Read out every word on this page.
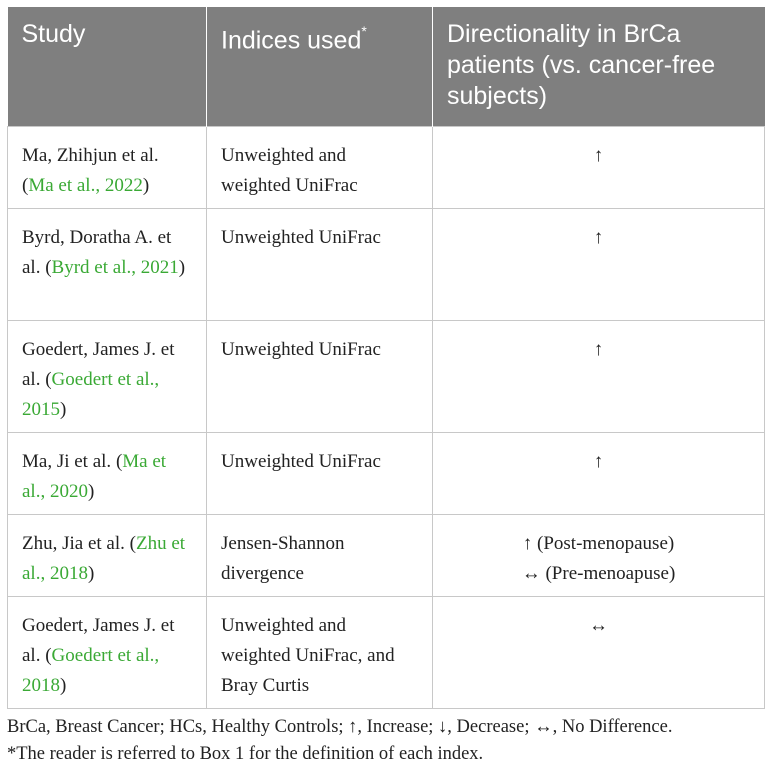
Study	Indices used*	Directionality in BrCa patients (vs. cancer-free subjects)
Ma, Zhihjun et al. (Ma et al., 2022)	Unweighted and weighted UniFrac	↑

Byrd, Doratha A. et al. (Byrd et al., 2021)	Unweighted UniFrac	↑

Goedert, James J. et al. (Goedert et al., 2015)	Unweighted UniFrac	↑

Ma, Ji et al. (Ma et al., 2020)	Unweighted UniFrac	↑

Zhu, Jia et al. (Zhu et al., 2018)	Jensen-Shannon divergence	↑ (Post-menopause)
↔ (Pre-menoapuse)

Goedert, James J. et al. (Goedert et al., 2018)	Unweighted and weighted UniFrac, and Bray Curtis	↔
BrCa, Breast Cancer; HCs, Healthy Controls; ↑, Increase; ↓, Decrease; ↔, No Difference.
*The reader is referred to Box 1 for the definition of each index.
